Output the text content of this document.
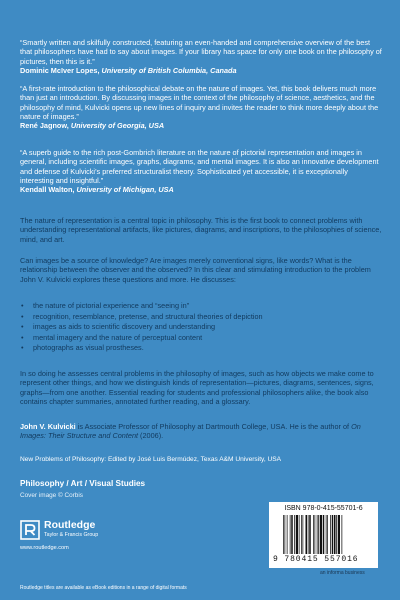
“Smartly written and skilfully constructed, featuring an even-handed and comprehensive overview of the best that philosophers have had to say about images. If your library has space for only one book on the philosophy of pictures, then this is it.”
Dominic McIver Lopes, University of British Columbia, Canada
“A first-rate introduction to the philosophical debate on the nature of images. Yet, this book delivers much more than just an introduction. By discussing images in the context of the philosophy of science, aesthetics, and the philosophy of mind, Kulvicki opens up new lines of inquiry and invites the reader to think more deeply about the nature of images.”
René Jagnow, University of Georgia, USA
“A superb guide to the rich post-Gombrich literature on the nature of pictorial representation and images in general, including scientific images, graphs, diagrams, and mental images. It is also an innovative development and defense of Kulvicki’s preferred structuralist theory. Sophisticated yet accessible, it is exceptionally interesting and insightful.”
Kendall Walton, University of Michigan, USA
The nature of representation is a central topic in philosophy. This is the first book to connect problems with understanding representational artifacts, like pictures, diagrams, and inscriptions, to the philosophies of science, mind, and art.
Can images be a source of knowledge? Are images merely conventional signs, like words? What is the relationship between the observer and the observed? In this clear and stimulating introduction to the problem John V. Kulvicki explores these questions and more. He discusses:
• the nature of pictorial experience and “seeing in”
• recognition, resemblance, pretense, and structural theories of depiction
• images as aids to scientific discovery and understanding
• mental imagery and the nature of perceptual content
• photographs as visual prostheses.
In so doing he assesses central problems in the philosophy of images, such as how objects we make come to represent other things, and how we distinguish kinds of representation—pictures, diagrams, sentences, signs, graphs—from one another. Essential reading for students and professional philosophers alike, the book also contains chapter summaries, annotated further reading, and a glossary.
John V. Kulvicki is Associate Professor of Philosophy at Dartmouth College, USA. He is the author of On Images: Their Structure and Content (2006).
New Problems of Philosophy: Edited by José Luis Bermúdez, Texas A&M University, USA
Philosophy / Art / Visual Studies
Cover image © Corbis
Routledge
Taylor & Francis Group
www.routledge.com
ISBN 978-0-415-55701-6
9 780415 557016
an informa business
Routledge titles are available as eBook editions in a range of digital formats
